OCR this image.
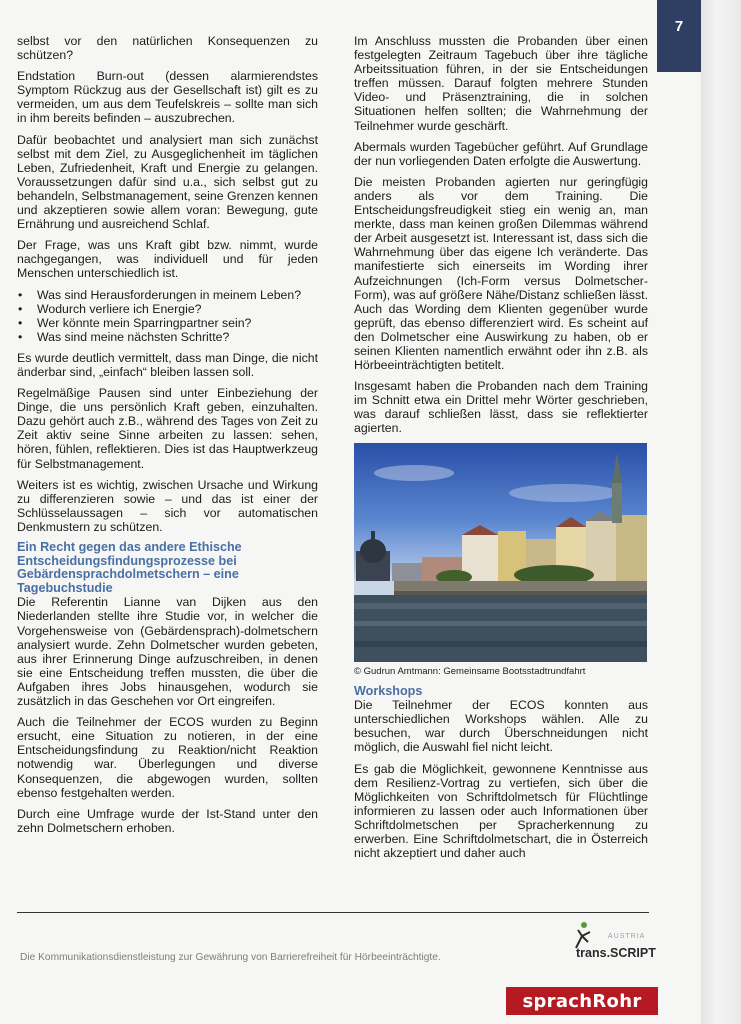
7

selbst vor den natürlichen Konsequenzen zu schützen?

Endstation Burn-out (dessen alarmierendstes Symptom Rückzug aus der Gesellschaft ist) gilt es zu vermeiden, um aus dem Teufelskreis – sollte man sich in ihm bereits befinden – auszubrechen.

Dafür beobachtet und analysiert man sich zunächst selbst mit dem Ziel, zu Ausgeglichenheit im täglichen Leben, Zufriedenheit, Kraft und Energie zu gelangen. Voraussetzungen dafür sind u.a., sich selbst gut zu behandeln, Selbstmanagement, seine Grenzen kennen und akzeptieren sowie allem voran: Bewegung, gute Ernährung und ausreichend Schlaf.

Der Frage, was uns Kraft gibt bzw. nimmt, wurde nachgegangen, was individuell und für jeden Menschen unterschiedlich ist.

• Was sind Herausforderungen in meinem Leben?
• Wodurch verliere ich Energie?
• Wer könnte mein Sparringpartner sein?
• Was sind meine nächsten Schritte?

Es wurde deutlich vermittelt, dass man Dinge, die nicht änderbar sind, „einfach“ bleiben lassen soll.

Regelmäßige Pausen sind unter Einbeziehung der Dinge, die uns persönlich Kraft geben, einzuhalten. Dazu gehört auch z.B., während des Tages von Zeit zu Zeit aktiv seine Sinne arbeiten zu lassen: sehen, hören, fühlen, reflektieren. Dies ist das Hauptwerkzeug für Selbstmanagement.

Weiters ist es wichtig, zwischen Ursache und Wirkung zu differenzieren sowie – und das ist einer der Schlüsselaussagen – sich vor automatischen Denkmustern zu schützen.

Ein Recht gegen das andere Ethische Entscheidungsfindungsprozesse bei Gebärdensprachdolmetschern – eine Tagebuchstudie

Die Referentin Lianne van Dijken aus den Niederlanden stellte ihre Studie vor, in welcher die Vorgehensweise von (Gebärdensprach)-dolmetschern analysiert wurde. Zehn Dolmetscher wurden gebeten, aus ihrer Erinnerung Dinge aufzuschreiben, in denen sie eine Entscheidung treffen mussten, die über die Aufgaben ihres Jobs hinausgehen, wodurch sie zusätzlich in das Geschehen vor Ort eingreifen.

Auch die Teilnehmer der ECOS wurden zu Beginn ersucht, eine Situation zu notieren, in der eine Entscheidungsfindung zu Reaktion/nicht Reaktion notwendig war. Überlegungen und diverse Konsequenzen, die abgewogen wurden, sollten ebenso festgehalten werden.

Durch eine Umfrage wurde der Ist-Stand unter den zehn Dolmetschern erhoben.

Im Anschluss mussten die Probanden über einen festgelegten Zeitraum Tagebuch über ihre tägliche Arbeitssituation führen, in der sie Entscheidungen treffen müssen. Darauf folgten mehrere Stunden Video- und Präsenztraining, die in solchen Situationen helfen sollten; die Wahrnehmung der Teilnehmer wurde geschärft.

Abermals wurden Tagebücher geführt. Auf Grundlage der nun vorliegenden Daten erfolgte die Auswertung.

Die meisten Probanden agierten nur geringfügig anders als vor dem Training. Die Entscheidungsfreudigkeit stieg ein wenig an, man merkte, dass man keinen großen Dilemmas während der Arbeit ausgesetzt ist. Interessant ist, dass sich die Wahrnehmung über das eigene Ich veränderte. Das manifestierte sich einerseits im Wording ihrer Aufzeichnungen (Ich-Form versus Dolmetscher-Form), was auf größere Nähe/Distanz schließen lässt. Auch das Wording dem Klienten gegenüber wurde geprüft, das ebenso differenziert wird. Es scheint auf den Dolmetscher eine Auswirkung zu haben, ob er seinen Klienten namentlich erwähnt oder ihn z.B. als Hörbeeinträchtigten betitelt.

Insgesamt haben die Probanden nach dem Training im Schnitt etwa ein Drittel mehr Wörter geschrieben, was darauf schließen lässt, dass sie reflektierter agierten.

© Gudrun Amtmann: Gemeinsame Bootsstadtrundfahrt

Workshops

Die Teilnehmer der ECOS konnten aus unterschiedlichen Workshops wählen. Alle zu besuchen, war durch Überschneidungen nicht möglich, die Auswahl fiel nicht leicht.

Es gab die Möglichkeit, gewonnene Kenntnisse aus dem Resilienz-Vortrag zu vertiefen, sich über die Möglichkeiten von Schriftdolmetsch für Flüchtlinge informieren zu lassen oder auch Informationen über Schriftdolmetschen per Spracherkennung zu erwerben. Eine Schriftdolmetschart, die in Österreich nicht akzeptiert und daher auch

Die Kommunikationsdienstleistung zur Gewährung von Barrierefreiheit für Hörbeeinträchtigte.
AUSTRIA
trans.SCRIPT
sprachRohr
